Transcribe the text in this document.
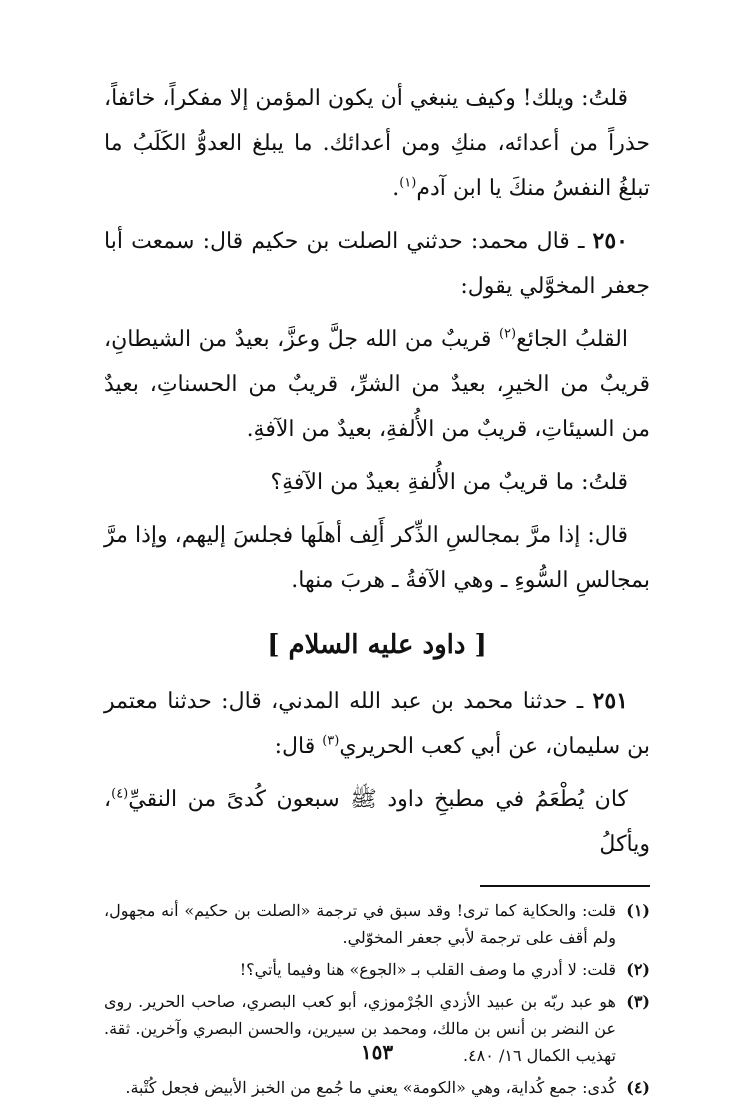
قلتُ: ويلك! وكيف ينبغي أن يكون المؤمن إلا مفكراً، خائفاً، حذراً من أعدائه، منكِ ومن أعدائك. ما يبلغ العدوُّ الكَلَبُ ما تبلغُ النفسُ منكَ يا ابن آدم$^{(١)}$.

٢٥٠ ـ قال محمد: حدثني الصلت بن حكيم قال: سمعت أبا جعفر المخوَّلي يقول:

القلبُ الجائع$^{(٢)}$ قريبٌ من الله جلَّ وعزَّ، بعيدٌ من الشيطانِ، قريبٌ من الخيرِ، بعيدٌ من الشرِّ، قريبٌ من الحسناتِ، بعيدٌ من السيئاتِ، قريبٌ من الأُلفةِ، بعيدٌ من الآفةِ.

قلتُ: ما قريبٌ من الأُلفةِ بعيدٌ من الآفةِ؟

قال: إذا مرَّ بمجالسِ الذِّكر أَلِف أهلَها فجلسَ إليهم، وإذا مرَّ بمجالسِ السُّوءِ ـ وهي الآفةُ ـ هربَ منها.

[ داود عليه السلام ]

٢٥١ ـ حدثنا محمد بن عبد الله المدني، قال: حدثنا معتمر بن سليمان، عن أبي كعب الحريري$^{(٣)}$ قال:

كان يُطْعَمُ في مطبخِ داود ﷺ سبعون كُدىً من النقيِّ$^{(٤)}$، ويأكلُ

(١)
قلت: والحكاية كما ترى! وقد سبق في ترجمة «الصلت بن حكيم» أنه مجهول، ولم أقف على ترجمة لأبي جعفر المخوّلي.
(٢)
قلت: لا أدري ما وصف القلب بـ «الجوع» هنا وفيما يأتي؟!
(٣)
هو عبد ربّه بن عبيد الأزدي الجُرْموزي، أبو كعب البصري، صاحب الحرير. روى عن النضر بن أنس بن مالك، ومحمد بن سيرين، والحسن البصري وآخرين. ثقة. تهذيب الكمال ١٦/ ٤٨٠.
(٤)
كُدى: جمع كُداية، وهي «الكومة» يعني ما جُمع من الخبز الأبيض فجعل كُتْبة.
١٥٣
